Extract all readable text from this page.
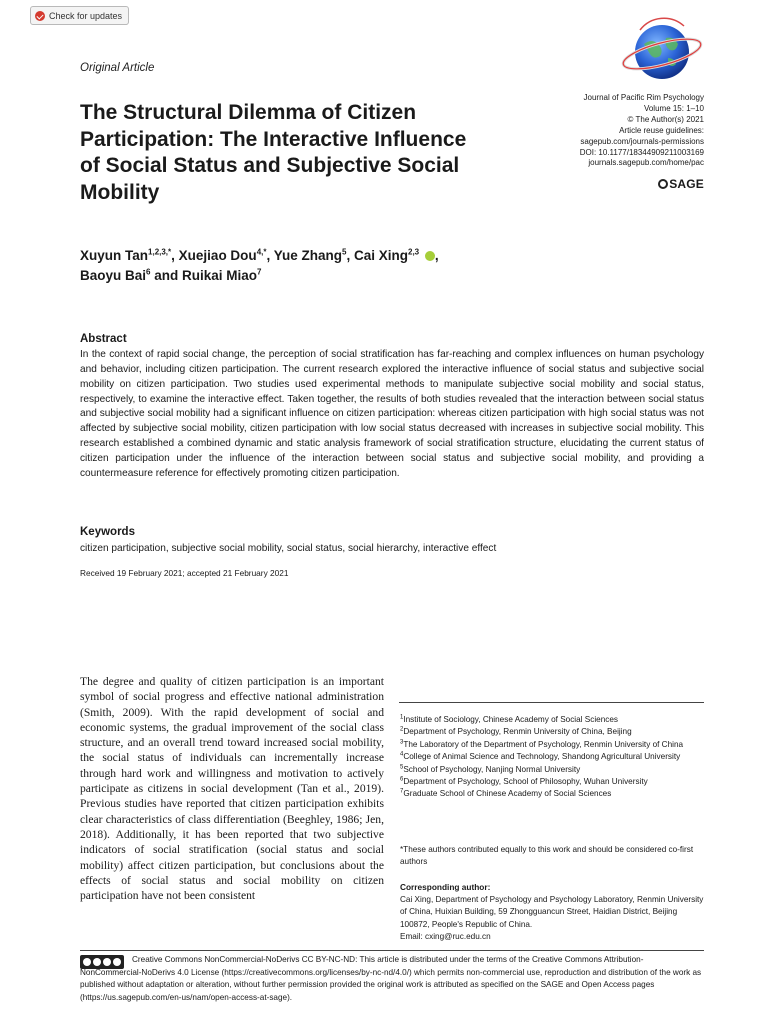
Check for updates
Original Article
The Structural Dilemma of Citizen Participation: The Interactive Influence of Social Status and Subjective Social Mobility
Journal of Pacific Rim Psychology
Volume 15: 1–10
© The Author(s) 2021
Article reuse guidelines:
sagepub.com/journals-permissions
DOI: 10.1177/18344909211003169
journals.sagepub.com/home/pac
SAGE
Xuyun Tan$^{1,2,3,*}$, Xuejiao Dou$^{4,*}$, Yue Zhang$^5$, Cai Xing$^{2,3}$ ,
Baoyu Bai$^6$ and Ruikai Miao$^7$
Abstract

In the context of rapid social change, the perception of social stratification has far-reaching and complex influences on human psychology and behavior, including citizen participation. The current research explored the interactive influence of social status and subjective social mobility on citizen participation. Two studies used experimental methods to manipulate subjective social mobility and social status, respectively, to examine the interactive effect. Taken together, the results of both studies revealed that the interaction between social status and subjective social mobility had a significant influence on citizen participation: whereas citizen participation with high social status was not affected by subjective social mobility, citizen participation with low social status decreased with increases in subjective social mobility. This research established a combined dynamic and static analysis framework of social stratification structure, elucidating the current status of citizen participation under the influence of the interaction between social status and subjective social mobility, and providing a countermeasure reference for effectively promoting citizen participation.

Keywords
citizen participation, subjective social mobility, social status, social hierarchy, interactive effect
Received 19 February 2021; accepted 21 February 2021

The degree and quality of citizen participation is an important symbol of social progress and effective national administration (Smith, 2009). With the rapid development of social and economic systems, the gradual improvement of the social class structure, and an overall trend toward increased social mobility, the social status of individuals can incrementally increase through hard work and willingness and motivation to actively participate as citizens in social development (Tan et al., 2019). Previous studies have reported that citizen participation exhibits clear characteristics of class differentiation (Beeghley, 1986; Jen, 2018). Additionally, it has been reported that two subjective indicators of social stratification (social status and social mobility) affect citizen participation, but conclusions about the effects of social status and social mobility on citizen participation have not been consistent

$^1$Institute of Sociology, Chinese Academy of Social Sciences

$^2$Department of Psychology, Renmin University of China, Beijing

$^3$The Laboratory of the Department of Psychology, Renmin University of China

$^4$College of Animal Science and Technology, Shandong Agricultural University

$^5$School of Psychology, Nanjing Normal University

$^6$Department of Psychology, School of Philosophy, Wuhan University

$^7$Graduate School of Chinese Academy of Social Sciences

*These authors contributed equally to this work and should be considered co-first authors
Corresponding author:
Cai Xing, Department of Psychology and Psychology Laboratory, Renmin University of China, Huixian Building, 59 Zhongguancun Street, Haidian District, Beijing 100872, People's Republic of China.
Email: cxing@ruc.edu.cn

Creative Commons NonCommercial-NoDerivs CC BY-NC-ND: This article is distributed under the terms of the Creative Commons Attribution-NonCommercial-NoDerivs 4.0 License (https://creativecommons.org/licenses/by-nc-nd/4.0/) which permits non-commercial use, reproduction and distribution of the work as published without adaptation or alteration, without further permission provided the original work is attributed as specified on the SAGE and Open Access pages (https://us.sagepub.com/en-us/nam/open-access-at-sage).
